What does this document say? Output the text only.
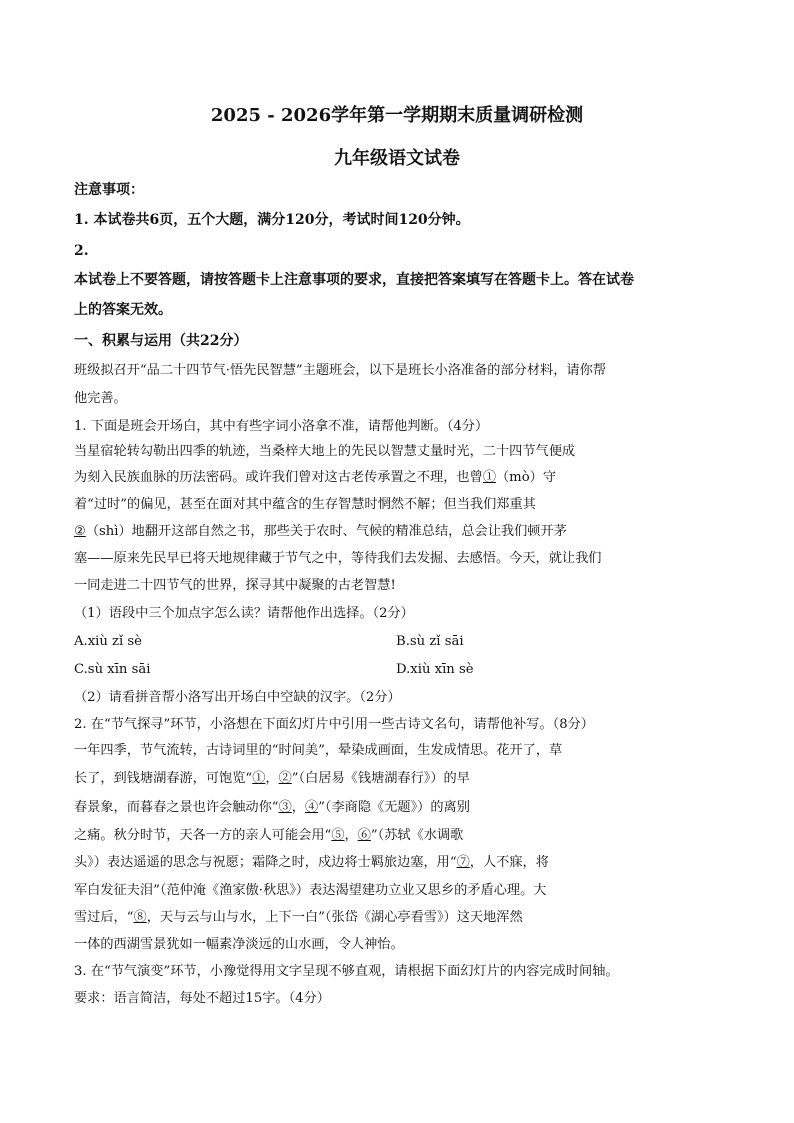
2025 - 2026学年第一学期期末质量调研检测
九年级语文试卷
注意事项：
1. 本试卷共6页，五个大题，满分120分，考试时间120分钟。
2.
本试卷上不要答题，请按答题卡上注意事项的要求，直接把答案填写在答题卡上。答在试卷
上的答案无效。
一、积累与运用（共22分）
班级拟召开“品二十四节气·悟先民智慧”主题班会，以下是班长小洛准备的部分材料，请你帮
他完善。
1. 下面是班会开场白，其中有些字词小洛拿不准，请帮他判断。（4分）
当星宿轮转勾勒出四季的轨迹，当桑梓大地上的先民以智慧丈量时光，二十四节气便成
为刻入民族血脉的历法密码。或许我们曾对这古老传承置之不理，也曾①（mò）守
着“过时”的偏见，甚至在面对其中蕴含的生存智慧时惘然不解；但当我们郑重其
②（shì）地翻开这部自然之书，那些关于农时、气候的精准总结，总会让我们顿开茅
塞——原来先民早已将天地规律藏于节气之中，等待我们去发掘、去感悟。今天，就让我们
一同走进二十四节气的世界，探寻其中凝聚的古老智慧!
（1）语段中三个加点字怎么读？请帮他作出选择。（2分）
A.xiù zǐ sè	B.sù zǐ sāi
C.sù xīn sāi	D.xiù xīn sè
（2）请看拼音帮小洛写出开场白中空缺的汉字。（2分）
2. 在“节气探寻”环节，小洛想在下面幻灯片中引用一些古诗文名句，请帮他补写。（8分）
一年四季，节气流转，古诗词里的“时间美”，晕染成画面，生发成情思。花开了，草
长了，到钱塘湖春游，可饱览“①，②”（白居易《钱塘湖春行》）的早
春景象，而暮春之景也许会触动你“③，④”（李商隐《无题》）的离别
之痛。秋分时节，天各一方的亲人可能会用“⑤，⑥”（苏轼《水调歌
头》）表达遥遥的思念与祝愿；霜降之时，戍边将士羁旅边塞，用“⑦，人不寐，将
军白发征夫泪”（范仲淹《渔家傲·秋思》）表达渴望建功立业又思乡的矛盾心理。大
雪过后，“⑧，天与云与山与水，上下一白”（张岱《湖心亭看雪》）这天地浑然
一体的西湖雪景犹如一幅素净淡远的山水画，令人神怡。
3. 在“节气演变”环节，小豫觉得用文字呈现不够直观，请根据下面幻灯片的内容完成时间轴。
要求：语言简洁，每处不超过15字。（4分）
